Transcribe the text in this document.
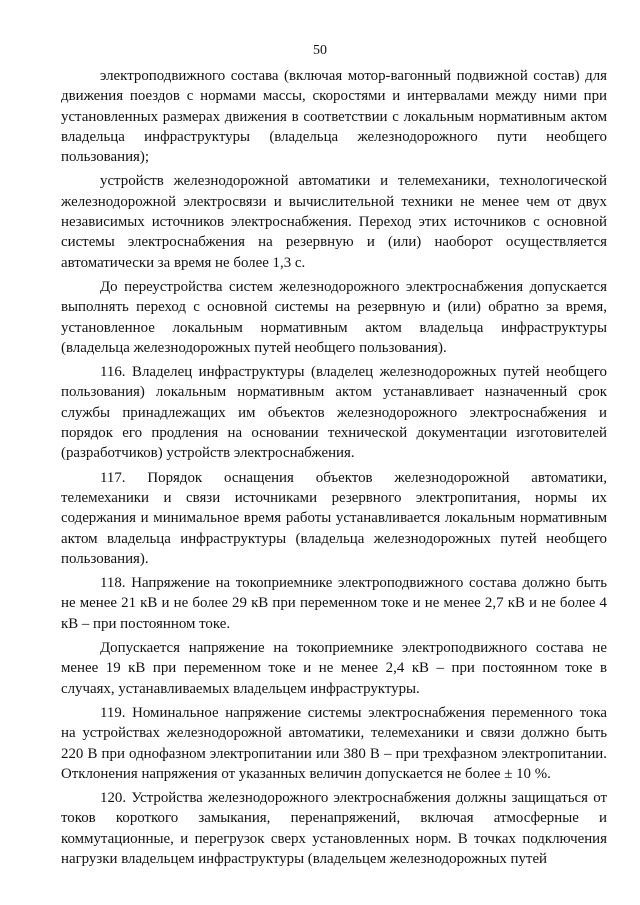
50

электроподвижного состава (включая мотор-вагонный подвижной состав) для движения поездов с нормами массы, скоростями и интервалами между ними при установленных размерах движения в соответствии с локальным нормативным актом владельца инфраструктуры (владельца железнодорожного пути необщего пользования);

устройств железнодорожной автоматики и телемеханики, технологической железнодорожной электросвязи и вычислительной техники не менее чем от двух независимых источников электроснабжения. Переход этих источников с основной системы электроснабжения на резервную и (или) наоборот осуществляется автоматически за время не более 1,3 с.

До переустройства систем железнодорожного электроснабжения допускается выполнять переход с основной системы на резервную и (или) обратно за время, установленное локальным нормативным актом владельца инфраструктуры (владельца железнодорожных путей необщего пользования).

116. Владелец инфраструктуры (владелец железнодорожных путей необщего пользования) локальным нормативным актом устанавливает назначенный срок службы принадлежащих им объектов железнодорожного электроснабжения и порядок его продления на основании технической документации изготовителей (разработчиков) устройств электроснабжения.

117. Порядок оснащения объектов железнодорожной автоматики, телемеханики и связи источниками резервного электропитания, нормы их содержания и минимальное время работы устанавливается локальным нормативным актом владельца инфраструктуры (владельца железнодорожных путей необщего пользования).

118. Напряжение на токоприемнике электроподвижного состава должно быть не менее 21 кВ и не более 29 кВ при переменном токе и не менее 2,7 кВ и не более 4 кВ – при постоянном токе.

Допускается напряжение на токоприемнике электроподвижного состава не менее 19 кВ при переменном токе и не менее 2,4 кВ – при постоянном токе в случаях, устанавливаемых владельцем инфраструктуры.

119. Номинальное напряжение системы электроснабжения переменного тока на устройствах железнодорожной автоматики, телемеханики и связи должно быть 220 В при однофазном электропитании или 380 В – при трехфазном электропитании. Отклонения напряжения от указанных величин допускается не более ± 10 %.

120. Устройства железнодорожного электроснабжения должны защищаться от токов короткого замыкания, перенапряжений, включая атмосферные и коммутационные, и перегрузок сверх установленных норм. В точках подключения нагрузки владельцем инфраструктуры (владельцем железнодорожных путей
